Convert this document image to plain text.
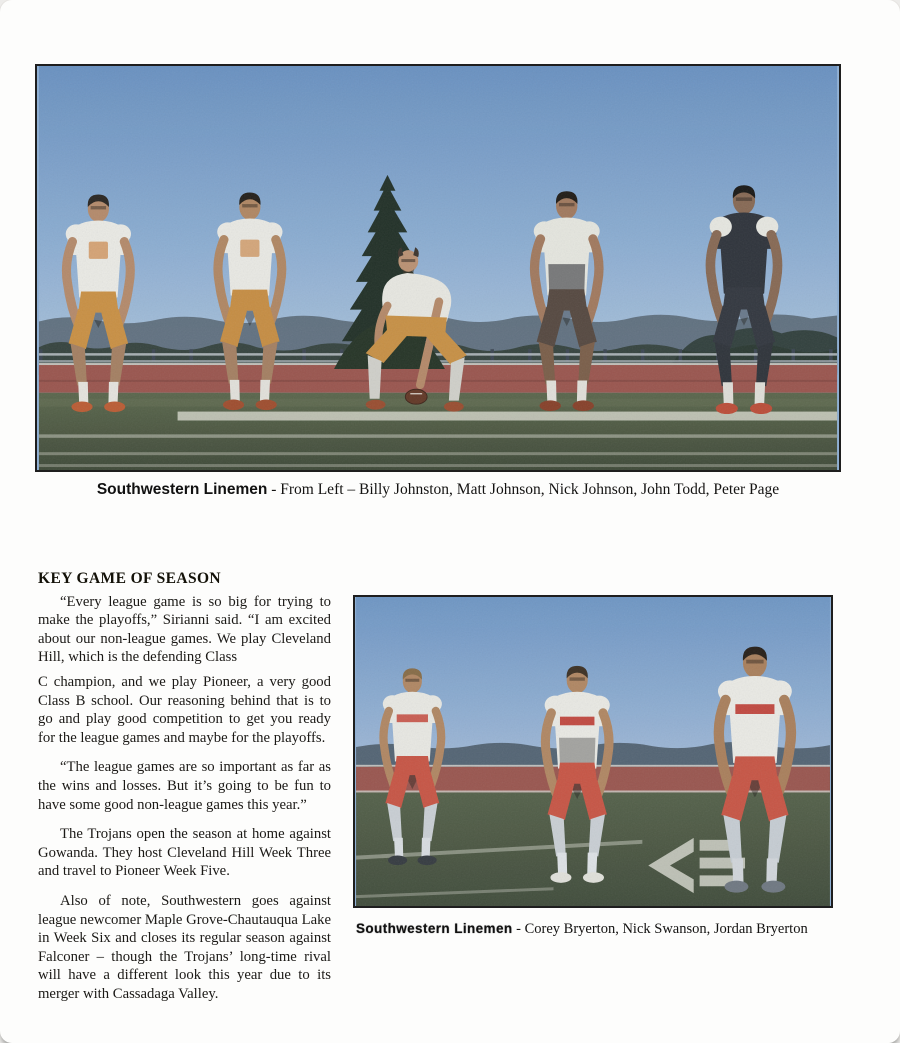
Southwestern Linemen - From Left – Billy Johnston, Matt Johnson, Nick Johnson, John Todd, Peter Page
KEY GAME OF SEASON

“Every league game is so big for trying to make the playoffs,” Sirianni said. “I am excited about our non-league games. We play Cleveland Hill, which is the defending Class

C champion, and we play Pioneer, a very good Class B school. Our reasoning behind that is to go and play good competition to get you ready for the league games and maybe for the playoffs.

“The league games are so important as far as the wins and losses. But it’s going to be fun to have some good non-league games this year.”

The Trojans open the season at home against Gowanda. They host Cleveland Hill Week Three and travel to Pioneer Week Five.

Also of note, Southwestern goes against league newcomer Maple Grove-Chautauqua Lake in Week Six and closes its regular season against Falconer – though the Trojans’ long-time rival will have a different look this year due to its merger with Cassadaga Valley.

Southwestern Linemen - Corey Bryerton, Nick Swanson, Jordan Bryerton
